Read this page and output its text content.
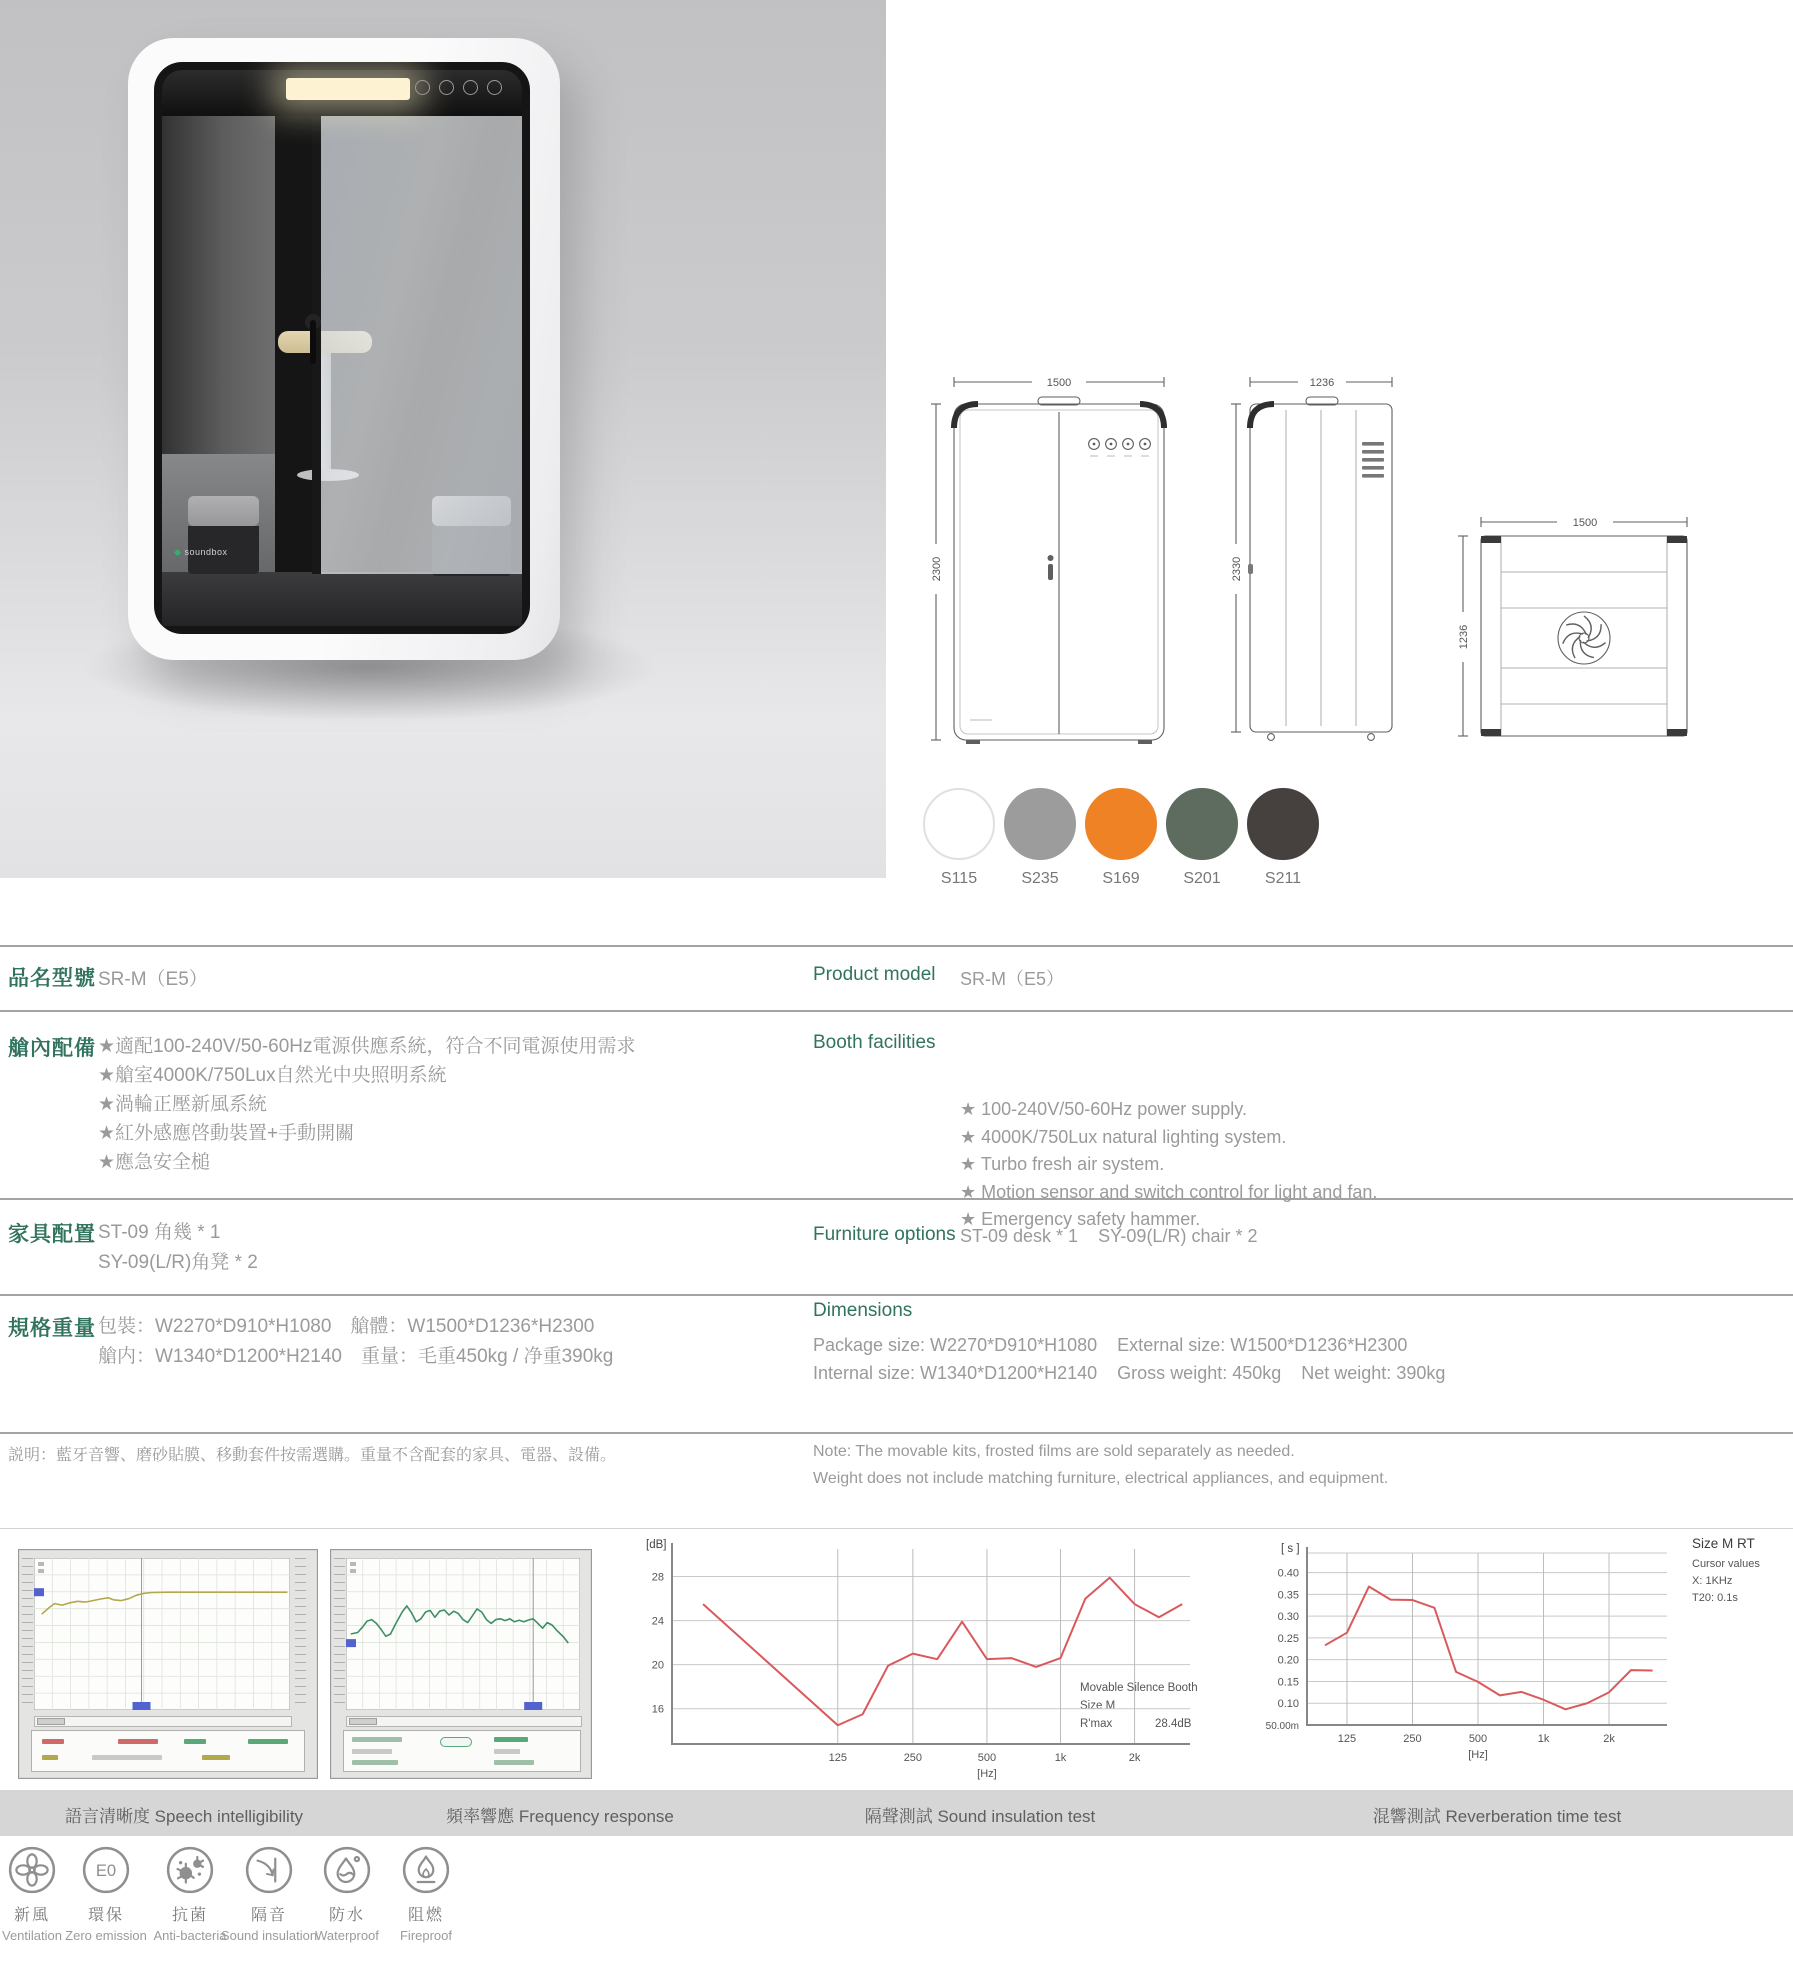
◆ soundbox
1500
2300
1236
2330
1500
1236
S115	S235	S169	S201	S211
品名型號 SR-M（E5）	Product model SR-M（E5）
艙內配備 ★適配100-240V/50-60Hz電源供應系統，符合不同電源使用需求
★艙室4000K/750Lux自然光中央照明系統
★渦輪正壓新風系統
★紅外感應啓動裝置+手動開關
★應急安全槌
Booth facilities

★ 100-240V/50-60Hz power supply.
★ 4000K/750Lux natural lighting system.
★ Turbo fresh air system.
★ Motion sensor and switch control for light and fan.
★ Emergency safety hammer.
家具配置 ST-09 角幾 * 1
SY-09(L/R)角凳 * 2
Furniture options ST-09 desk * 1    SY-09(L/R) chair * 2
規格重量 包裝：W2270*D910*H1080　艙體：W1500*D1236*H2300
艙内：W1340*D1200*H2140　重量：毛重450kg / 净重390kg
Dimensions
Package size: W2270*D910*H1080    External size: W1500*D1236*H2300
Internal size: W1340*D1200*H2140    Gross weight: 450kg    Net weight: 390kg
説明：藍牙音響、磨砂貼膜、移動套件按需選購。重量不含配套的家具、電器、設備。	Note: The movable kits, frosted films are sold separately as needed.
Weight does not include matching furniture, electrical appliances, and equipment.
Movable Silence Booth
Size M
R'max	28.4dB
28
24
20
16
125	250	500	1k	2k
[dB]
[Hz]
0.40
0.35
0.30
0.25
0.20
0.15
0.10
125	250	500	1k	2k
50.00m
[ s ]
[Hz]
Size M RT
Cursor values
X: 1KHz
T20: 0.1s
語言清晰度 Speech intelligibility	頻率響應 Frequency response	隔聲測試 Sound insulation test	混響測試 Reverberation time test
新風
Ventilation
E0
環保
Zero emission
抗菌
Anti-bacteria
隔音
Sound insulation
防水
Waterproof
阻燃
Fireproof
